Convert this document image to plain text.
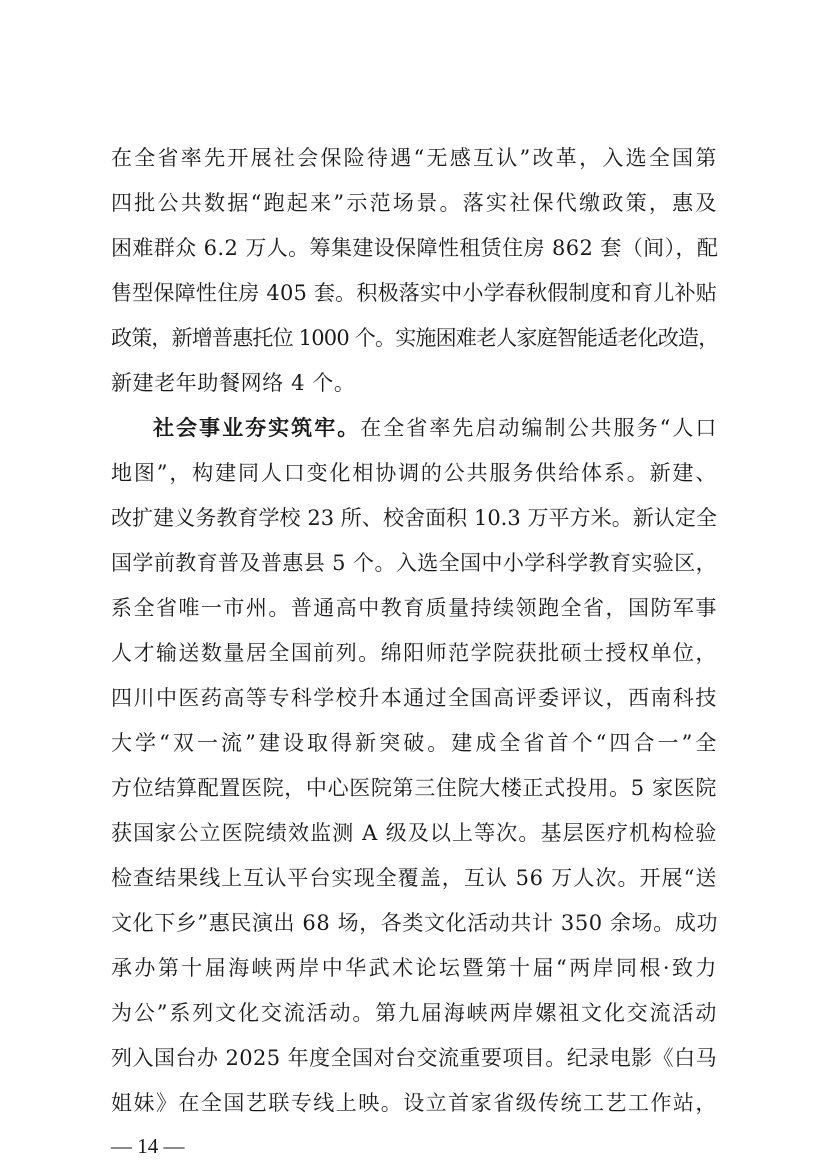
在全省率先开展社会保险待遇“无感互认”改革，入选全国第
四批公共数据“跑起来”示范场景。落实社保代缴政策，惠及
困难群众 6.2 万人。筹集建设保障性租赁住房 862 套（间），配
售型保障性住房 405 套。积极落实中小学春秋假制度和育儿补贴
政策，新增普惠托位 1000 个。实施困难老人家庭智能适老化改造，
新建老年助餐网络 4 个。
社会事业夯实筑牢。在全省率先启动编制公共服务“人口
地图”，构建同人口变化相协调的公共服务供给体系。新建、
改扩建义务教育学校 23 所、校舍面积 10.3 万平方米。新认定全
国学前教育普及普惠县 5 个。入选全国中小学科学教育实验区，
系全省唯一市州。普通高中教育质量持续领跑全省，国防军事
人才输送数量居全国前列。绵阳师范学院获批硕士授权单位，
四川中医药高等专科学校升本通过全国高评委评议，西南科技
大学“双一流”建设取得新突破。建成全省首个“四合一”全
方位结算配置医院，中心医院第三住院大楼正式投用。5 家医院
获国家公立医院绩效监测 A 级及以上等次。基层医疗机构检验
检查结果线上互认平台实现全覆盖，互认 56 万人次。开展“送
文化下乡”惠民演出 68 场，各类文化活动共计 350 余场。成功
承办第十届海峡两岸中华武术论坛暨第十届“两岸同根·致力
为公”系列文化交流活动。第九届海峡两岸嫘祖文化交流活动
列入国台办 2025 年度全国对台交流重要项目。纪录电影《白马
姐妹》在全国艺联专线上映。设立首家省级传统工艺工作站，
— 14 —
